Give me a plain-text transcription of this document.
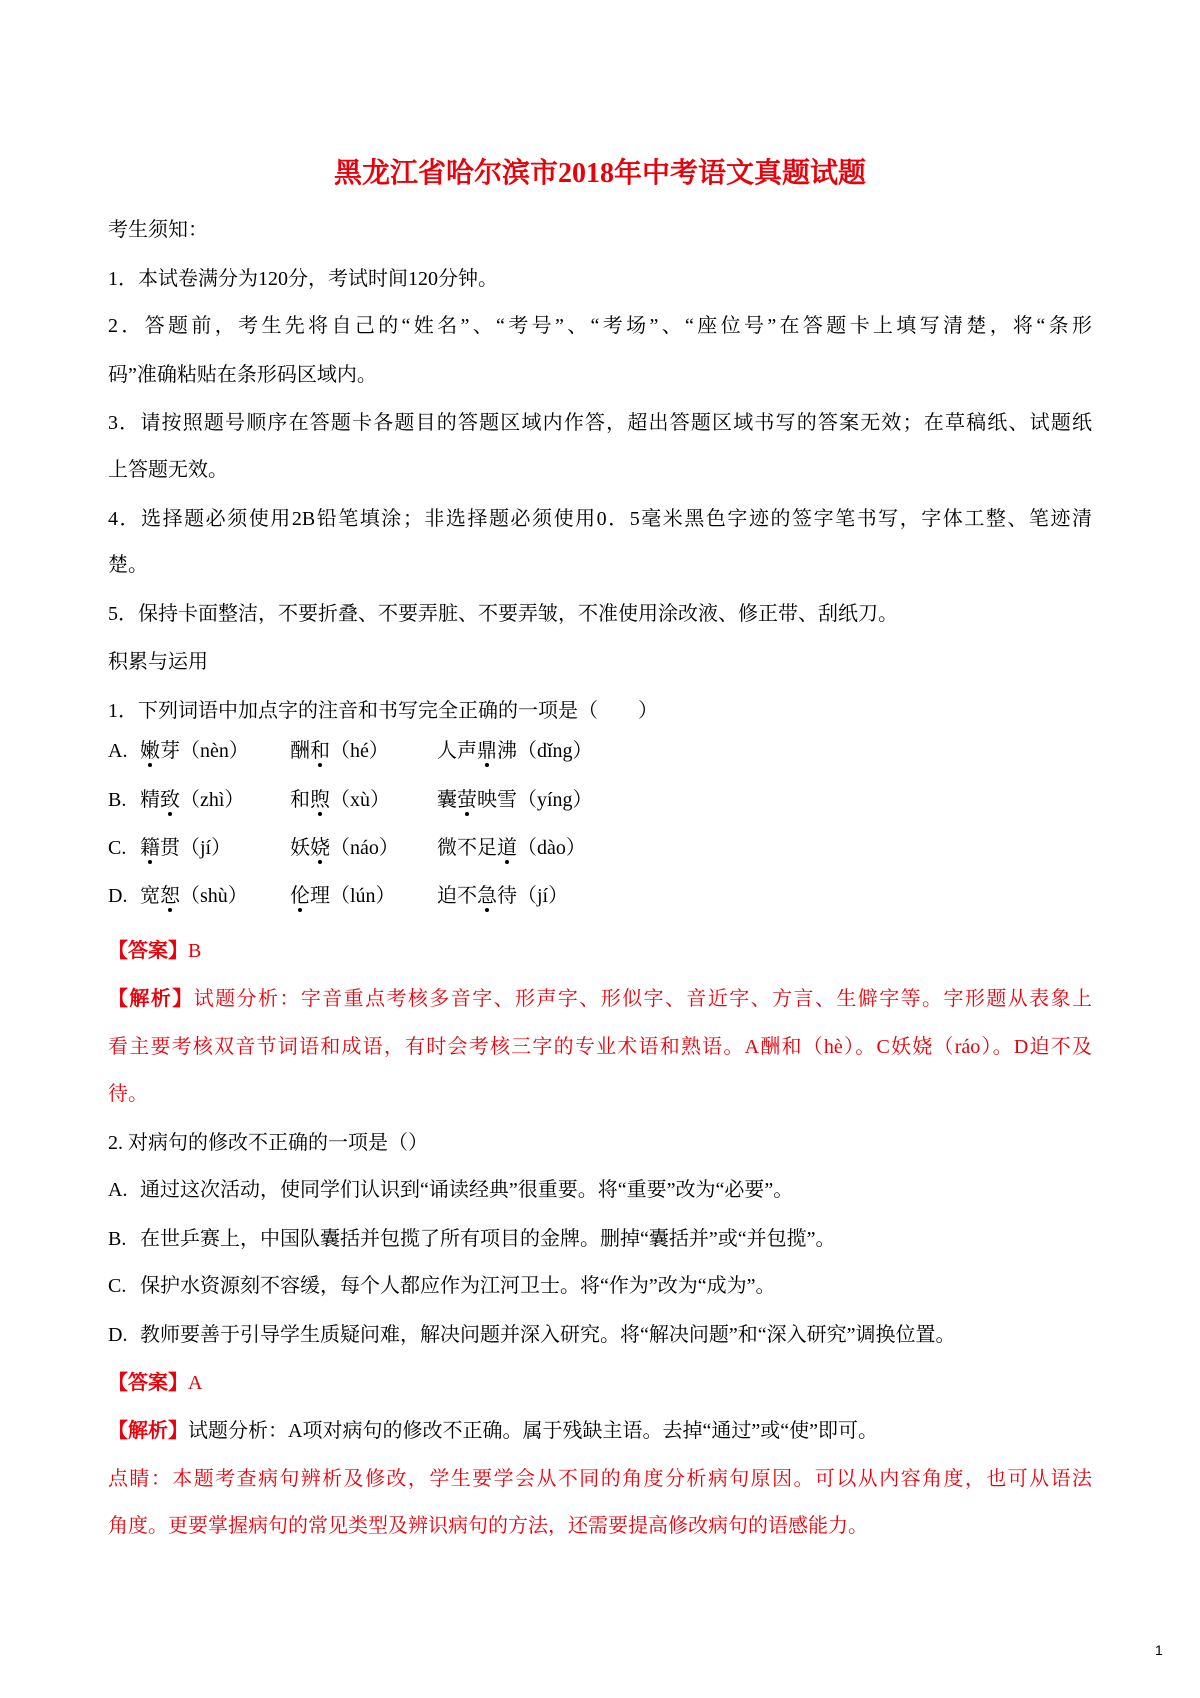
黑龙江省哈尔滨市2018年中考语文真题试题
考生须知：
1．本试卷满分为120分，考试时间120分钟。
2．答题前，考生先将自己的“姓名”、“考号”、“考场”、“座位号”在答题卡上填写清楚，将“条形
码”准确粘贴在条形码区域内。
3．请按照题号顺序在答题卡各题目的答题区域内作答，超出答题区域书写的答案无效；在草稿纸、试题纸
上答题无效。
4．选择题必须使用2B铅笔填涂；非选择题必须使用0．5毫米黑色字迹的签字笔书写，字体工整、笔迹清
楚。
5．保持卡面整洁，不要折叠、不要弄脏、不要弄皱，不准使用涂改液、修正带、刮纸刀。
积累与运用
1．下列词语中加点字的注音和书写完全正确的一项是（　　）
A. 嫩芽（nèn） 酬和（hé） 人声鼎沸（dǐng）
B. 精致（zhì） 和煦（xù） 囊萤映雪（yíng）
C. 籍贯（jí）	妖娆（náo） 微不足道（dào）
D. 宽恕（shù） 伦理（lún） 迫不急待（jí）
【答案】B
【解析】试题分析：字音重点考核多音字、形声字、形似字、音近字、方言、生僻字等。字形题从表象上
看主要考核双音节词语和成语，有时会考核三字的专业术语和熟语。A酬和（hè）。C妖娆（ráo）。D迫不及
待。
2. 对病句的修改不正确的一项是（）
A. 通过这次活动，使同学们认识到“诵读经典”很重要。将“重要”改为“必要”。
B. 在世乒赛上，中国队囊括并包揽了所有项目的金牌。删掉“囊括并”或“并包揽”。
C. 保护水资源刻不容缓，每个人都应作为江河卫士。将“作为”改为“成为”。
D. 教师要善于引导学生质疑问难，解决问题并深入研究。将“解决问题”和“深入研究”调换位置。
【答案】A
【解析】试题分析：A项对病句的修改不正确。属于残缺主语。去掉“通过”或“使”即可。
点睛：本题考查病句辨析及修改，学生要学会从不同的角度分析病句原因。可以从内容角度，也可从语法
角度。更要掌握病句的常见类型及辨识病句的方法，还需要提高修改病句的语感能力。
1
